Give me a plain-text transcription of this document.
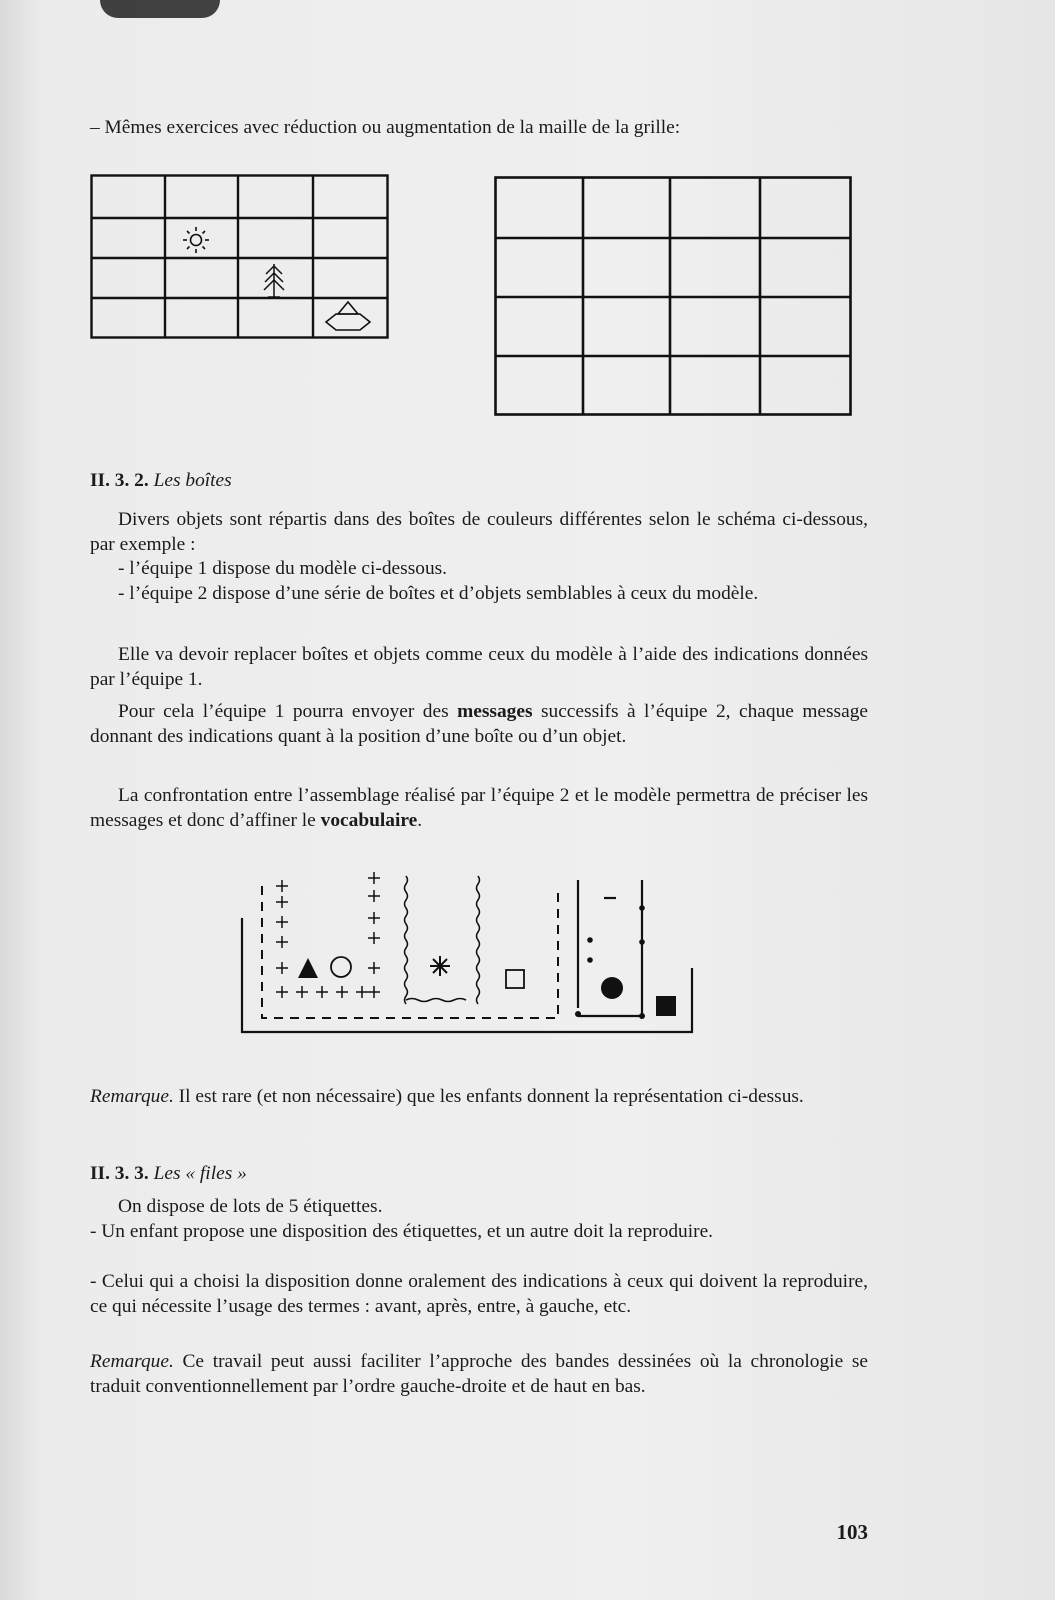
– Mêmes exercices avec réduction ou augmentation de la maille de la grille:

II. 3. 2. Les boîtes

Divers objets sont répartis dans des boîtes de couleurs différentes selon le schéma ci-dessous, par exemple :

- l’équipe 1 dispose du modèle ci-dessous.

- l’équipe 2 dispose d’une série de boîtes et d’objets semblables à ceux du modèle.

Elle va devoir replacer boîtes et objets comme ceux du modèle à l’aide des indications données par l’équipe 1.

Pour cela l’équipe 1 pourra envoyer des messages successifs à l’équipe 2, chaque message donnant des indications quant à la position d’une boîte ou d’un objet.

La confrontation entre l’assemblage réalisé par l’équipe 2 et le modèle permettra de préciser les messages et donc d’affiner le vocabulaire.

Remarque. Il est rare (et non nécessaire) que les enfants donnent la représentation ci-dessus.

II. 3. 3. Les « files »

On dispose de lots de 5 étiquettes.

- Un enfant propose une disposition des étiquettes, et un autre doit la reproduire.

- Celui qui a choisi la disposition donne oralement des indications à ceux qui doivent la reproduire, ce qui nécessite l’usage des termes : avant, après, entre, à gauche, etc.

Remarque. Ce travail peut aussi faciliter l’approche des bandes dessinées où la chronologie se traduit conventionnellement par l’ordre gauche-droite et de haut en bas.

103
